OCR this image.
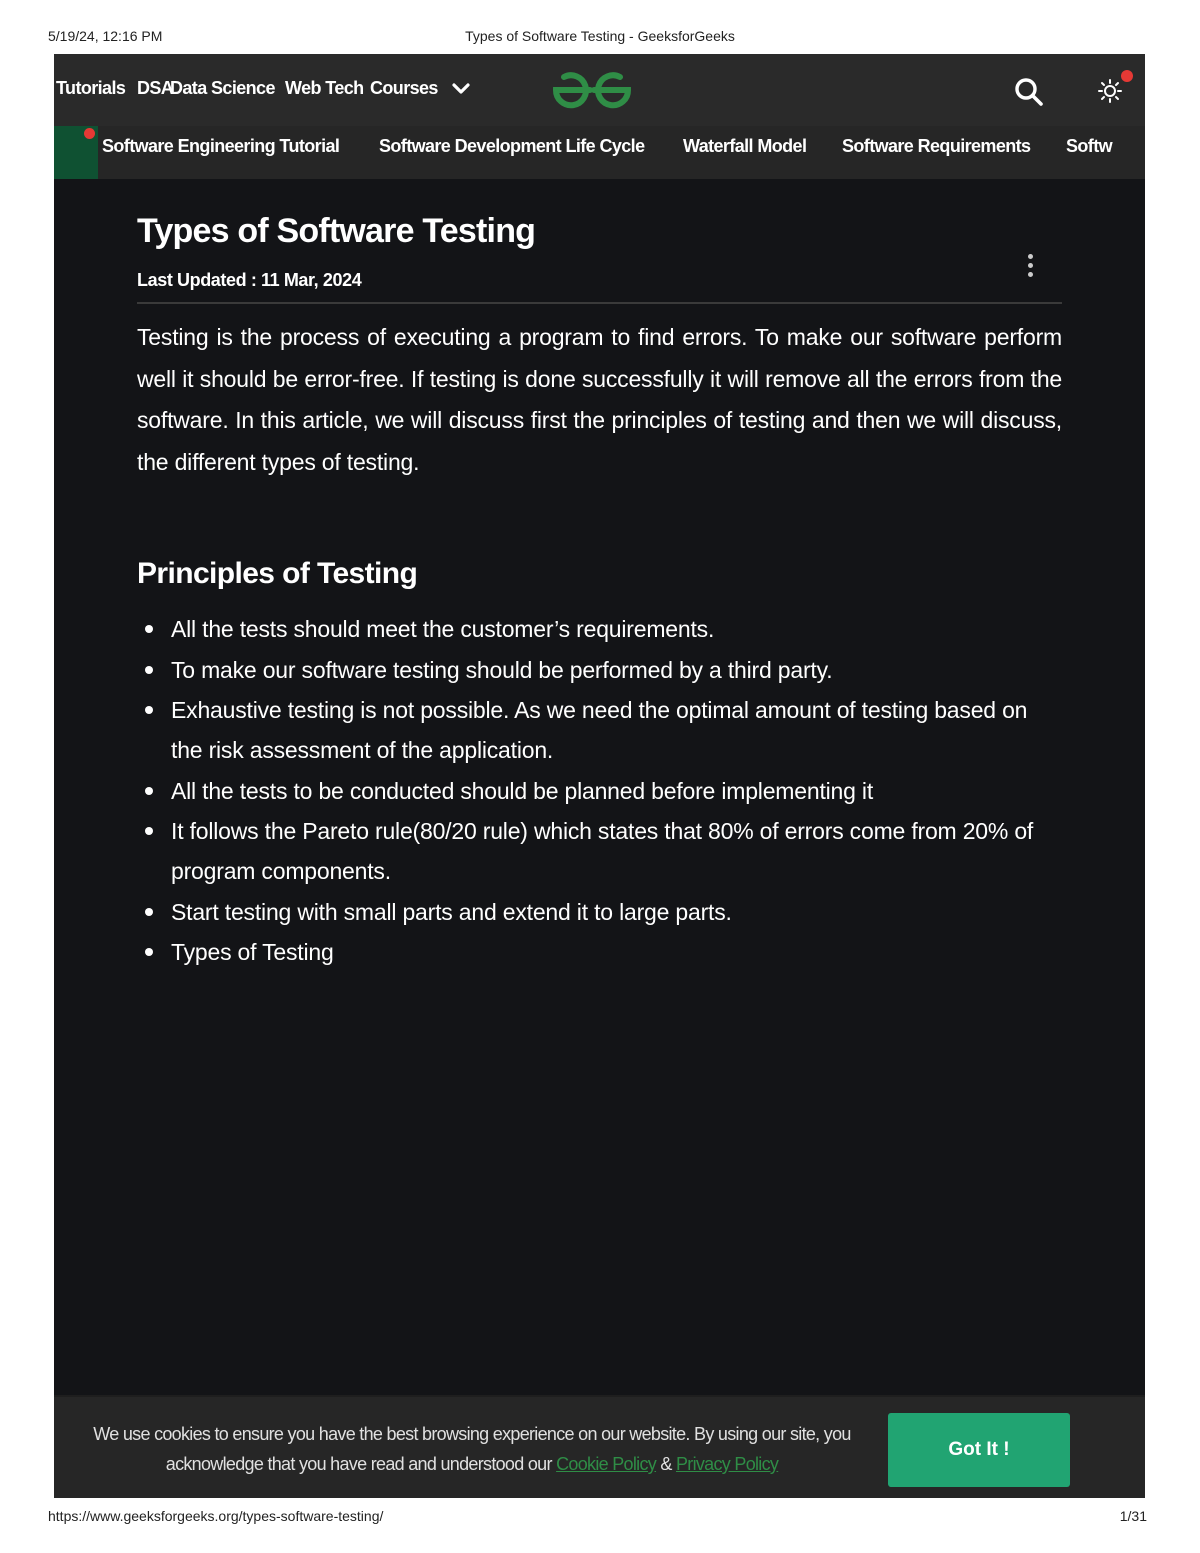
5/19/24, 12:16 PM	Types of Software Testing - GeeksforGeeks
Tutorials DSA
Data Science Web Tech Courses
Software Engineering Tutorial Software Development Life Cycle Waterfall Model Software Requirements Softw
Types of Software Testing
Last Updated : 11 Mar, 2024
Testing is the process of executing a program to find errors. To make our software perform well it should be error-free. If testing is done successfully it will remove all the errors from the software. In this article, we will discuss first the principles of testing and then we will discuss, the different types of testing.
Principles of Testing
All the tests should meet the customer’s requirements.
To make our software testing should be performed by a third party.
Exhaustive testing is not possible. As we need the optimal amount of testing based on the risk assessment of the application.
All the tests to be conducted should be planned before implementing it
It follows the Pareto rule(80/20 rule) which states that 80% of errors come from 20% of program components.
Start testing with small parts and extend it to large parts.
Types of Testing
We use cookies to ensure you have the best browsing experience on our website. By using our site, you acknowledge that you have read and understood our Cookie Policy & Privacy Policy
Got It !
https://www.geeksforgeeks.org/types-software-testing/	1/31
